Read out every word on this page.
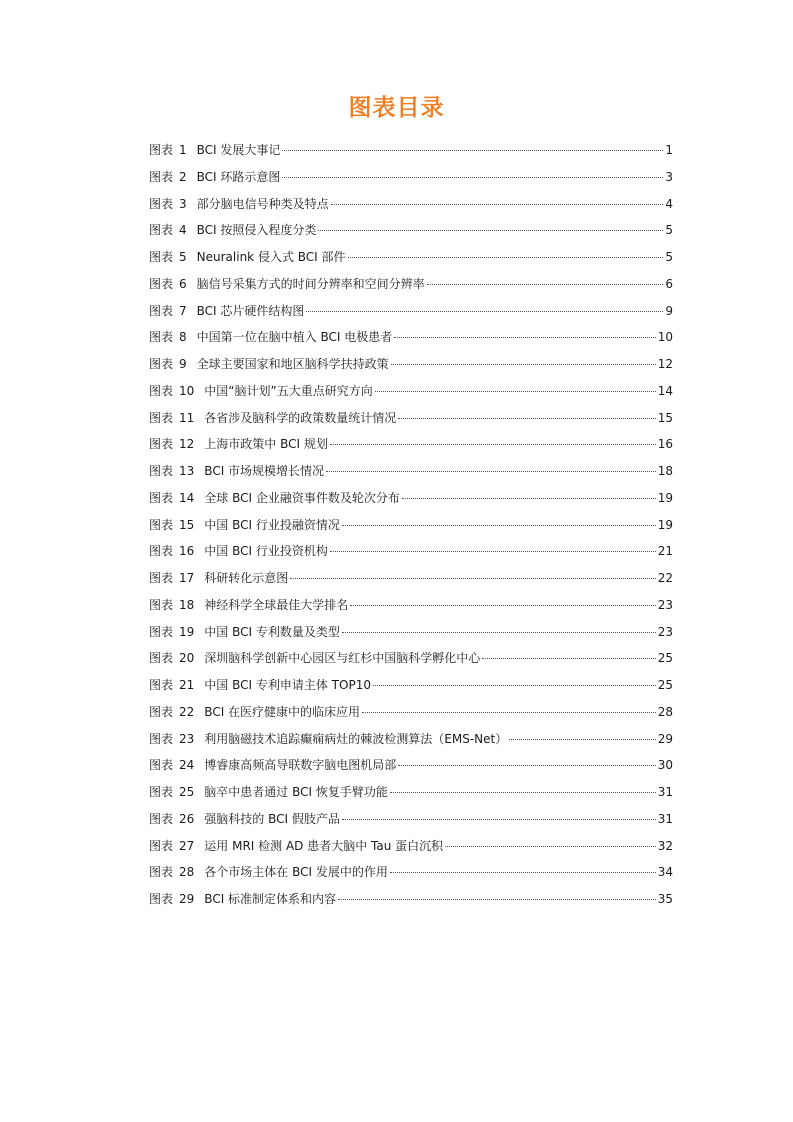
图表目录
图表 1 BCI 发展大事记	1
图表 2 BCI 环路示意图	3
图表 3 部分脑电信号种类及特点	4
图表 4 BCI 按照侵入程度分类	5
图表 5 Neuralink 侵入式 BCI 部件	5
图表 6 脑信号采集方式的时间分辨率和空间分辨率	6
图表 7 BCI 芯片硬件结构图	9
图表 8 中国第一位在脑中植入 BCI 电极患者	10
图表 9 全球主要国家和地区脑科学扶持政策	12
图表 10 中国“脑计划”五大重点研究方向	14
图表 11 各省涉及脑科学的政策数量统计情况	15
图表 12 上海市政策中 BCI 规划	16
图表 13 BCI 市场规模增长情况	18
图表 14 全球 BCI 企业融资事件数及轮次分布	19
图表 15 中国 BCI 行业投融资情况	19
图表 16 中国 BCI 行业投资机构	21
图表 17 科研转化示意图	22
图表 18 神经科学全球最佳大学排名	23
图表 19 中国 BCI 专利数量及类型	23
图表 20 深圳脑科学创新中心园区与红杉中国脑科学孵化中心	25
图表 21 中国 BCI 专利申请主体 TOP10	25
图表 22 BCI 在医疗健康中的临床应用	28
图表 23 利用脑磁技术追踪癫痫病灶的棘波检测算法（EMS-Net）	29
图表 24 博睿康高频高导联数字脑电图机局部	30
图表 25 脑卒中患者通过 BCI 恢复手臂功能	31
图表 26 强脑科技的 BCI 假肢产品	31
图表 27 运用 MRI 检测 AD 患者大脑中 Tau 蛋白沉积	32
图表 28 各个市场主体在 BCI 发展中的作用	34
图表 29 BCI 标准制定体系和内容	35
